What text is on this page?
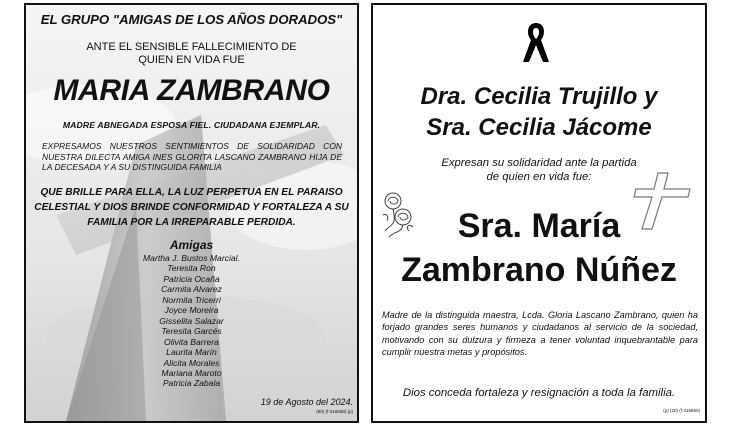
EL GRUPO "AMIGAS DE LOS AÑOS DORADOS"
ANTE EL SENSIBLE FALLECIMIENTO DE
QUIEN EN VIDA FUE
MARIA ZAMBRANO
MADRE ABNEGADA ESPOSA FIEL. CIUDADANA EJEMPLAR.
EXPRESAMOS NUESTROS SENTIMIENTOS DE SOLIDARIDAD CON NUESTRA DILECTA AMIGA INES GLORITA LASCANO ZAMBRANO HIJA DE LA DECESADA Y A SU DISTINGUIDA FAMILIA
QUE BRILLE PARA ELLA, LA LUZ PERPETUA EN EL PARAISO CELESTIAL Y DIOS BRINDE CONFORMIDAD Y FORTALEZA A SU FAMILIA POR LA IRREPARABLE PERDIDA.
Amigas
Martha J. Bustos Marcial.
Teresita Ron
Patricia Ocaña
Carmita Alvarez
Normita Tricerri
Joyce Moreira
Gisselita Salazar
Teresita Garcés
Olivita Barrera
Laurita Marín
Alicita Morales
Mariana Maroto
Patricia Zabala
19 de Agosto del 2024.
(80) (f-316659) (p)
Dra. Cecilia Trujillo y
Sra. Cecilia Jácome
Expresan su solidaridad ante la partida
de quien en vida fue:
Sra. María
Zambrano Núñez
Madre de la distinguida maestra, Lcda. Gloria Lascano Zambrano, quien ha forjado grandes seres humanos y ciudadanos al servicio de la sociedad, motivando con su dulzura y firmeza a tener voluntad inquebrantable para cumplir nuestra metas y propósitos.
Dios conceda fortaleza y resignación a toda la familia.
(p) (20) (f-316660)
